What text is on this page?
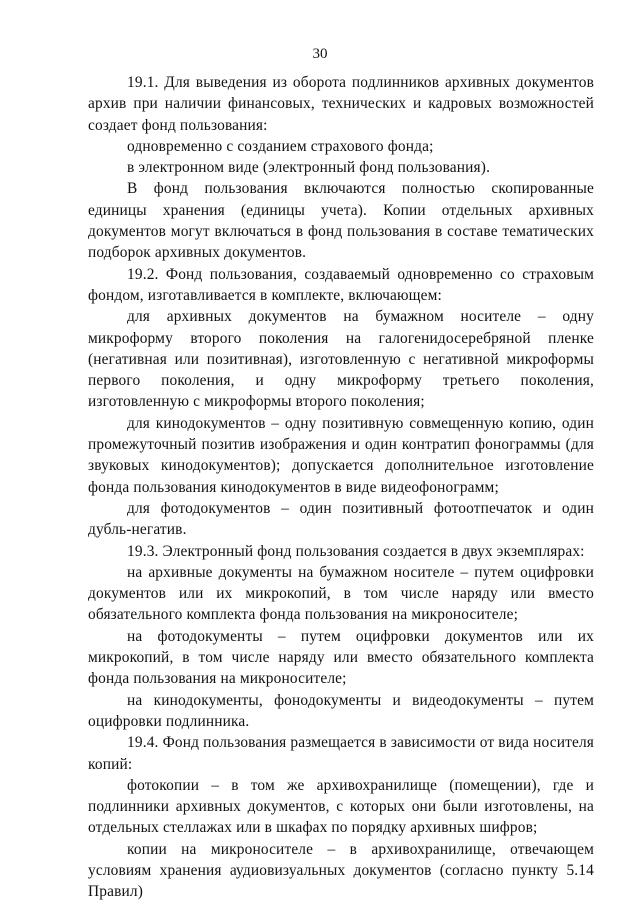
30

19.1. Для выведения из оборота подлинников архивных документов архив при наличии финансовых, технических и кадровых возможностей создает фонд пользования:

одновременно с созданием страхового фонда;

в электронном виде (электронный фонд пользования).

В фонд пользования включаются полностью скопированные единицы хранения (единицы учета). Копии отдельных архивных документов могут включаться в фонд пользования в составе тематических подборок архивных документов.

19.2. Фонд пользования, создаваемый одновременно со страховым фондом, изготавливается в комплекте, включающем:

для архивных документов на бумажном носителе – одну микроформу второго поколения на галогенидосеребряной пленке (негативная или позитивная), изготовленную с негативной микроформы первого поколения, и одну микроформу третьего поколения, изготовленную с микроформы второго поколения;

для кинодокументов – одну позитивную совмещенную копию, один промежуточный позитив изображения и один контратип фонограммы (для звуковых кинодокументов); допускается дополнительное изготовление фонда пользования кинодокументов в виде видеофонограмм;

для фотодокументов – один позитивный фотоотпечаток и один дубль-негатив.

19.3. Электронный фонд пользования создается в двух экземплярах:

на архивные документы на бумажном носителе – путем оцифровки документов или их микрокопий, в том числе наряду или вместо обязательного комплекта фонда пользования на микроносителе;

на фотодокументы – путем оцифровки документов или их микрокопий, в том числе наряду или вместо обязательного комплекта фонда пользования на микроносителе;

на кинодокументы, фонодокументы и видеодокументы – путем оцифровки подлинника.

19.4. Фонд пользования размещается в зависимости от вида носителя копий:

фотокопии – в том же архивохранилище (помещении), где и подлинники архивных документов, с которых они были изготовлены, на отдельных стеллажах или в шкафах по порядку архивных шифров;

копии на микроносителе – в архивохранилище, отвечающем условиям хранения аудиовизуальных документов (согласно пункту 5.14 Правил)
